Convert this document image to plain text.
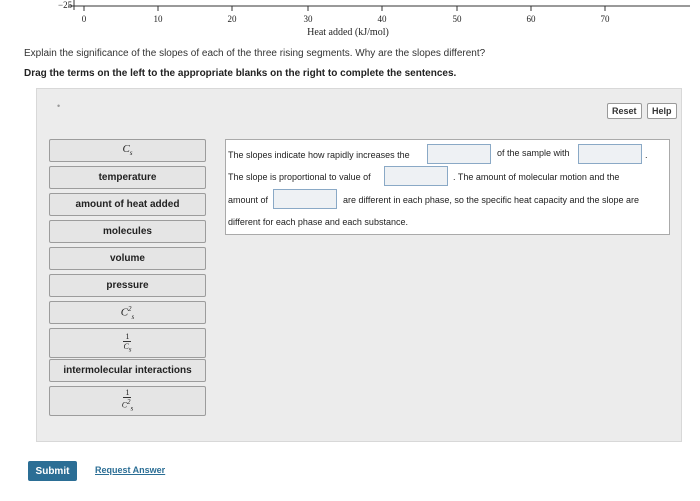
−25
0	10	20	30	40	50	60	70
Heat added (kJ/mol)
Explain the significance of the slopes of each of the three rising segments. Why are the slopes different?
Drag the terms on the left to the appropriate blanks on the right to complete the sentences.
•	Reset	Help
$C_s$
temperature
amount of heat added
molecules
volume
pressure
$C^2_s$
$\frac{1}{C_s}$
intermolecular interactions
$\frac{1}{C^2_s}$
The slopes indicate how rapidly increases the	of the sample with	.
The slope is proportional to value of	. The amount of molecular motion and the
amount of	are different in each phase, so the specific heat capacity and the slope are
different for each phase and each substance.
Submit	Request Answer
